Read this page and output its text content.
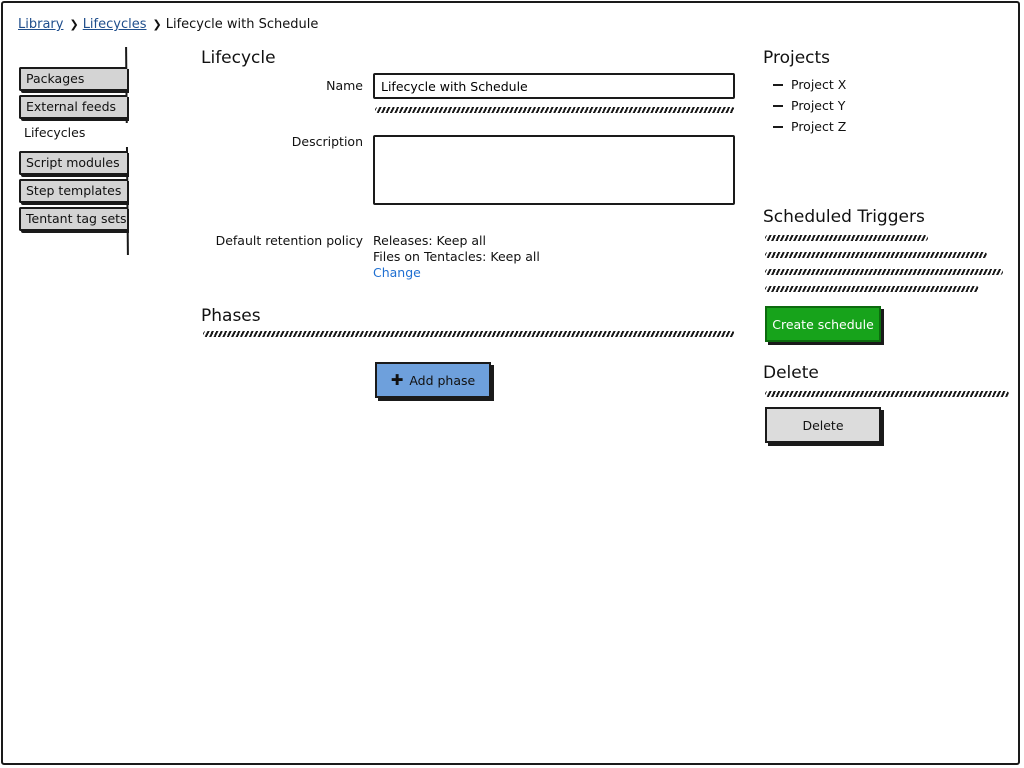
Library ❯ Lifecycles ❯ Lifecycle with Schedule
Packages
External feeds
Lifecycles
Script modules
Step templates
Tentant tag sets
Lifecycle
Name
Lifecycle with Schedule
Description
Default retention policy Releases: Keep all
Files on Tentacles: Keep all
Change
Phases
✚ Add phase
Projects
Project X
Project Y
Project Z
Scheduled Triggers
Create schedule
Delete
Delete
